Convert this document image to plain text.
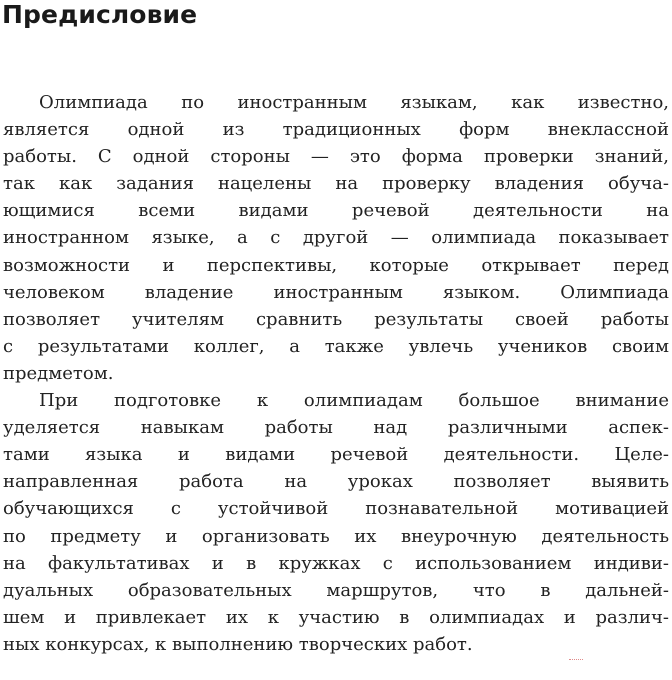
Предисловие
Олимпиада по иностранным языкам, как известно,
является одной из традиционных форм внеклассной
работы. С одной стороны — это форма проверки знаний,
так как задания нацелены на проверку владения обуча-
ющимися всеми видами речевой деятельности на
иностранном языке, а с другой — олимпиада показывает
возможности и перспективы, которые открывает перед
человеком владение иностранным языком. Олимпиада
позволяет учителям сравнить результаты своей работы
с результатами коллег, а также увлечь учеников своим
предметом.
При подготовке к олимпиадам большое внимание
уделяется навыкам работы над различными аспек-
тами языка и видами речевой деятельности. Целе-
направленная работа на уроках позволяет выявить
обучающихся с устойчивой познавательной мотивацией
по предмету и организовать их внеурочную деятельность
на факультативах и в кружках с использованием индиви-
дуальных образовательных маршрутов, что в дальней-
шем и привлекает их к участию в олимпиадах и различ-
ных конкурсах, к выполнению творческих работ.
